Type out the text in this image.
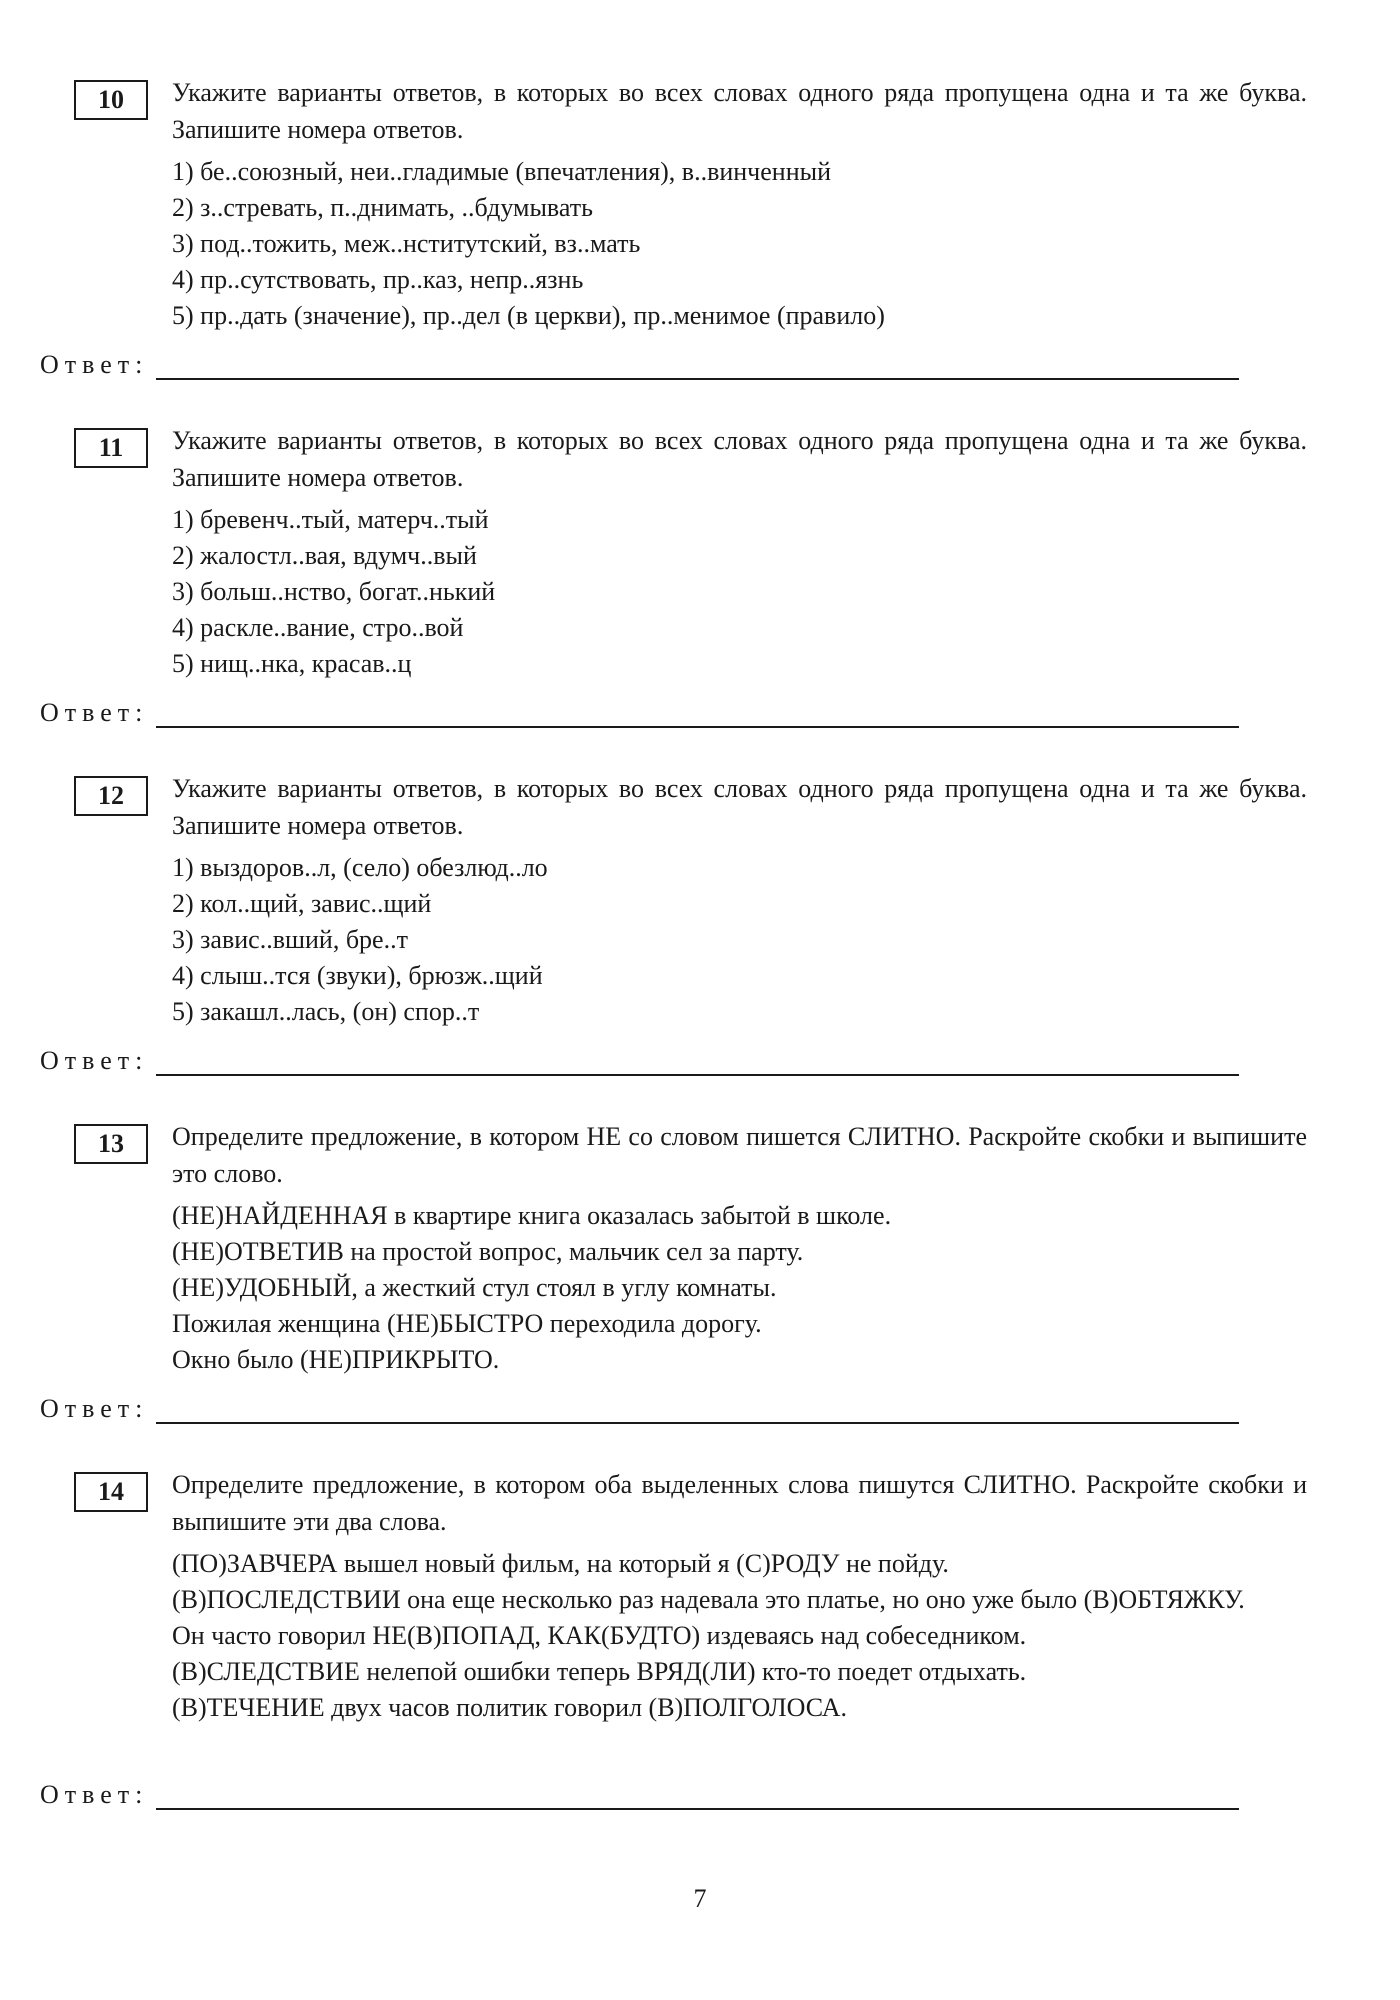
10	Укажите варианты ответов, в которых во всех словах одного ряда пропущена одна и та же буква. Запишите номера ответов.

1) бе..союзный, неи..гладимые (впечатления), в..винченный

2) з..стревать, п..днимать, ..бдумывать

3) под..тожить, меж..нститутский, вз..мать

4) пр..сутствовать, пр..каз, непр..язнь

5) пр..дать (значение), пр..дел (в церкви), пр..менимое (правило)

Ответ:
11	Укажите варианты ответов, в которых во всех словах одного ряда пропущена одна и та же буква. Запишите номера ответов.

1) бревенч..тый, матерч..тый

2) жалостл..вая, вдумч..вый

3) больш..нство, богат..нький

4) раскле..вание, стро..вой

5) нищ..нка, красав..ц

Ответ:
12	Укажите варианты ответов, в которых во всех словах одного ряда пропущена одна и та же буква. Запишите номера ответов.

1) выздоров..л, (село) обезлюд..ло

2) кол..щий, завис..щий

3) завис..вший, бре..т

4) слыш..тся (звуки), брюзж..щий

5) закашл..лась, (он) спор..т

Ответ:
13	Определите предложение, в котором НЕ со словом пишется СЛИТНО. Раскройте скобки и выпишите это слово.

(НЕ)НАЙДЕННАЯ в квартире книга оказалась забытой в школе.

(НЕ)ОТВЕТИВ на простой вопрос, мальчик сел за парту.

(НЕ)УДОБНЫЙ, а жесткий стул стоял в углу комнаты.

Пожилая женщина (НЕ)БЫСТРО переходила дорогу.

Окно было (НЕ)ПРИКРЫТО.

Ответ:
14	Определите предложение, в котором оба выделенных слова пишутся СЛИТНО. Раскройте скобки и выпишите эти два слова.

(ПО)ЗАВЧЕРА вышел новый фильм, на который я (С)РОДУ не пойду.

(В)ПОСЛЕДСТВИИ она еще несколько раз надевала это платье, но оно уже было (В)ОБТЯЖКУ.

Он часто говорил НЕ(В)ПОПАД, КАК(БУДТО) издеваясь над собеседником.

(В)СЛЕДСТВИЕ нелепой ошибки теперь ВРЯД(ЛИ) кто-то поедет отдыхать.

(В)ТЕЧЕНИЕ двух часов политик говорил (В)ПОЛГОЛОСА.

Ответ:
7
